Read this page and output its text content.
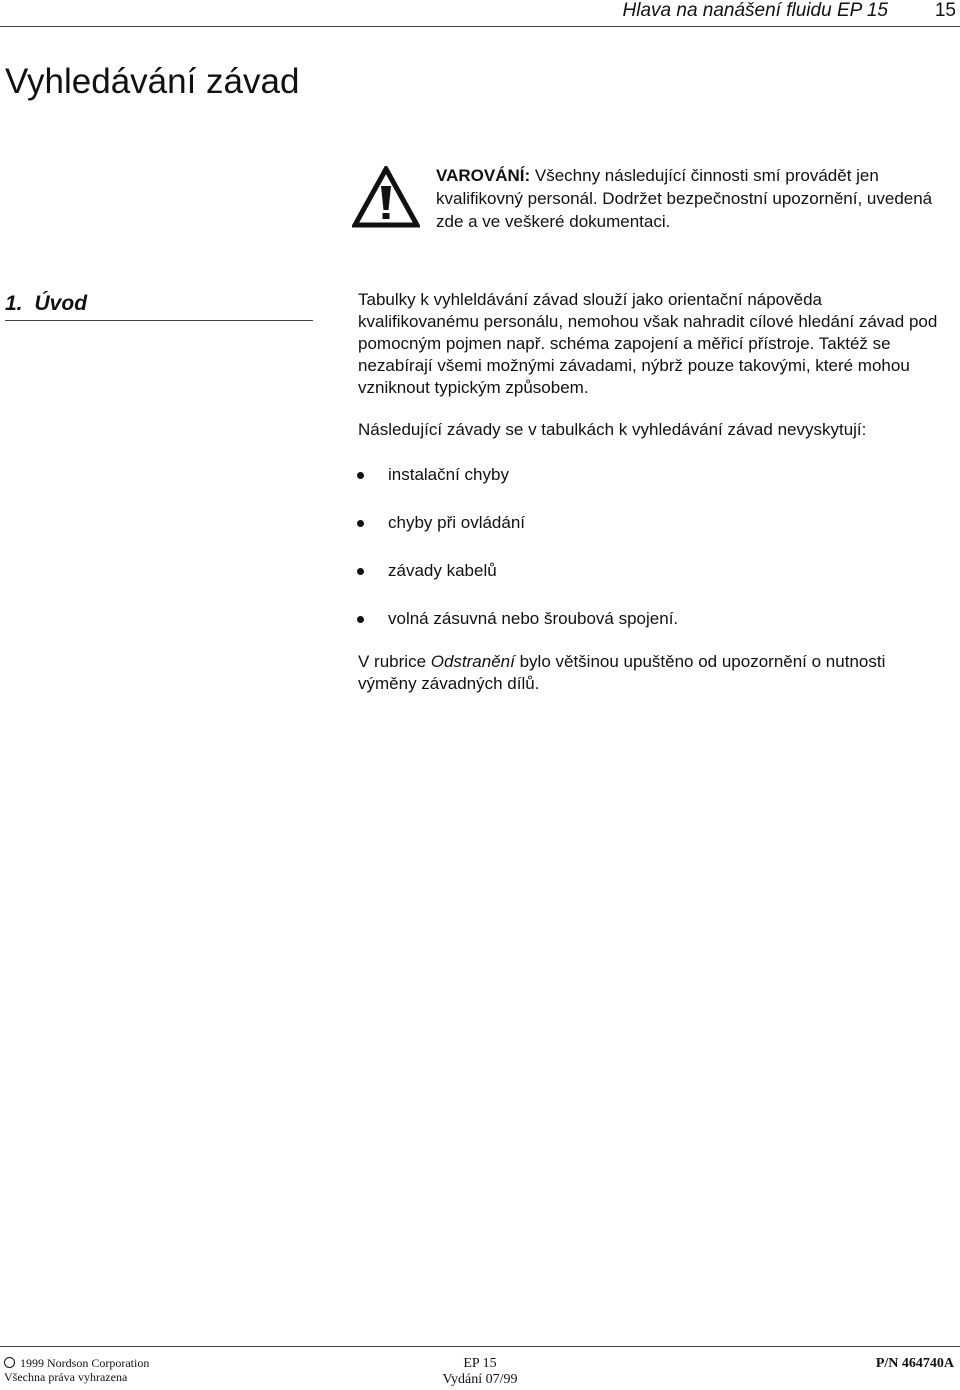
Hlava na nanášení fluidu EP 15 15
Vyhledávání závad
VAROVÁNÍ: Všechny následující činnosti smí provádět jen kvalifikovný personál. Dodržet bezpečnostní upozornění, uvedená zde a ve veškeré dokumentaci.
1. Úvod	Tabulky k vyhleldávání závad slouží jako orientační nápověda kvalifikovanému personálu, nemohou však nahradit cílové hledání závad pod pomocným pojmen např. schéma zapojení a měřicí přístroje. Taktéž se nezabírají všemi možnými závadami, nýbrž pouze takovými, které mohou vzniknout typickým způsobem.
Následující závady se v tabulkách k vyhledávání závad nevyskytují:
instalační chyby
chyby při ovládání
závady kabelů
volná zásuvná nebo šroubová spojení.
V rubrice Odstranění bylo většinou upuštěno od upozornění o nutnosti výměny závadných dílů.
1999 Nordson Corporation
Všechna práva vyhrazena
EP 15
Vydání 07/99
P/N 464740A
